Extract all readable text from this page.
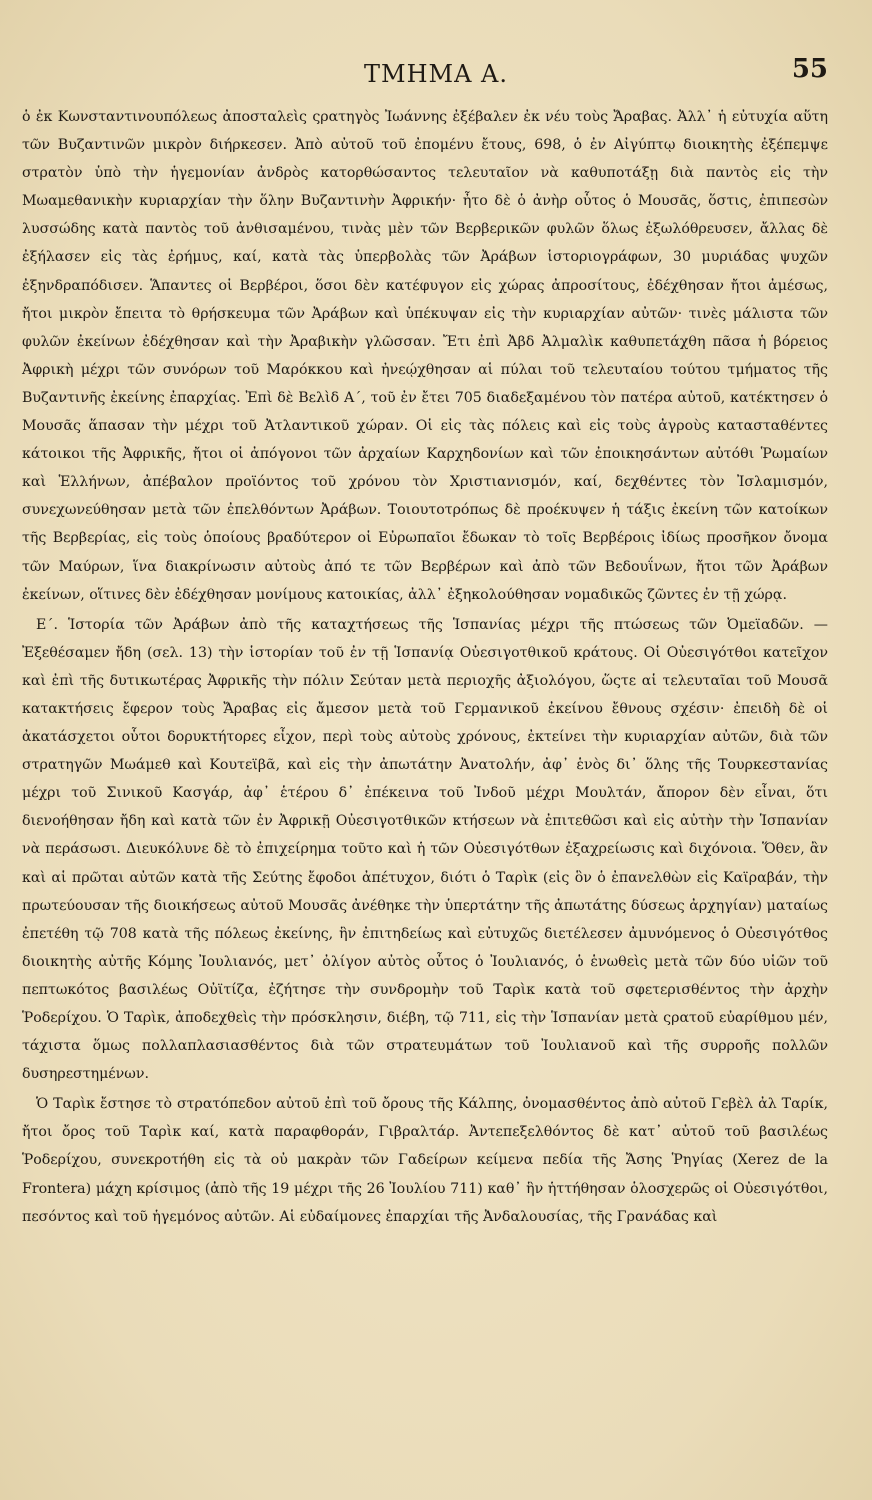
ΤΜΗΜΑ Α.	55

ὁ ἐκ Κωνσταντινουπόλεως ἀποσταλεὶς ςρατηγὸς Ἰωάννης ἐξέβαλεν ἐκ νέυ τοὺς Ἄραβας. Ἀλλ᾽ ἡ εὐτυχία αὕτη τῶν Βυζαντινῶν μικρὸν διήρκεσεν. Ἀπὸ αὐτοῦ τοῦ ἐπομένυ ἔτους, 698, ὁ ἐν Αἰγύπτῳ διοικητὴς ἐξέπεμψε στρατὸν ὑπὸ τὴν ἡγεμονίαν ἀνδρὸς κατορθώσαντος τελευταῖον νὰ καθυποτάξῃ διὰ παντὸς εἰς τὴν Μωαμεθανικὴν κυριαρχίαν τὴν ὅλην Βυζαντινὴν Ἀφρικήν· ἦτο δὲ ὁ ἀνὴρ οὗτος ὁ Μουσᾶς, ὅστις, ἐπιπεσὼν λυσσώδης κατὰ παντὸς τοῦ ἀνθισαμένου, τινὰς μὲν τῶν Βερβερικῶν φυλῶν ὅλως ἐξωλόθρευσεν, ἄλλας δὲ ἐξήλασεν εἰς τὰς ἐρήμυς, καί, κατὰ τὰς ὑπερβολὰς τῶν Ἀράβων ἱστοριογράφων, 30 μυριάδας ψυχῶν ἐξηνδραπόδισεν. Ἅπαντες οἱ Βερβέροι, ὅσοι δὲν κατέφυγον εἰς χώρας ἀπροσίτους, ἐδέχθησαν ἤτοι ἀμέσως, ἤτοι μικρὸν ἔπειτα τὸ θρήσκευμα τῶν Ἀράβων καὶ ὑπέκυψαν εἰς τὴν κυριαρχίαν αὐτῶν· τινὲς μάλιστα τῶν φυλῶν ἐκείνων ἐδέχθησαν καὶ τὴν Ἀραβικὴν γλῶσσαν. Ἔτι ἐπὶ Ἀβδ Ἀλμαλὶκ καθυπετάχθη πᾶσα ἡ βόρειος Ἀφρικὴ μέχρι τῶν συνόρων τοῦ Μαρόκκου καὶ ἠνεῴχθησαν αἱ πύλαι τοῦ τελευταίου τούτου τμήματος τῆς Βυζαντινῆς ἐκείνης ἐπαρχίας. Ἐπὶ δὲ Βελὶδ Α΄, τοῦ ἐν ἔτει 705 διαδεξαμένου τὸν πατέρα αὐτοῦ, κατέκτησεν ὁ Μουσᾶς ἅπασαν τὴν μέχρι τοῦ Ἀτλαντικοῦ χώραν. Οἱ εἰς τὰς πόλεις καὶ εἰς τοὺς ἀγροὺς κατασταθέντες κάτοικοι τῆς Ἀφρικῆς, ἤτοι οἱ ἀπόγονοι τῶν ἀρχαίων Καρχηδονίων καὶ τῶν ἐποικησάντων αὐτόθι Ῥωμαίων καὶ Ἑλλήνων, ἀπέβαλον προϊόντος τοῦ χρόνου τὸν Χριστιανισμόν, καί, δεχθέντες τὸν Ἰσλαμισμόν, συνεχωνεύθησαν μετὰ τῶν ἐπελθόντων Ἀράβων. Τοιουτοτρόπως δὲ προέκυψεν ἡ τάξις ἐκείνη τῶν κατοίκων τῆς Βερβερίας, εἰς τοὺς ὁποίους βραδύτερον οἱ Εὐρωπαῖοι ἔδωκαν τὸ τοῖς Βερβέροις ἰδίως προσῆκον ὄνομα τῶν Μαύρων, ἵνα διακρίνωσιν αὐτοὺς ἀπό τε τῶν Βερβέρων καὶ ἀπὸ τῶν Βεδουΐνων, ἤτοι τῶν Ἀράβων ἐκείνων, οἵτινες δὲν ἐδέχθησαν μονίμους κατοικίας, ἀλλ᾽ ἐξηκολούθησαν νομαδικῶς ζῶντες ἐν τῇ χώρᾳ.

Ε΄. Ἱστορία τῶν Ἀράβων ἀπὸ τῆς καταχτήσεως τῆς Ἱσπανίας μέχρι τῆς πτώσεως τῶν Ὀμεϊαδῶν. — Ἐξεθέσαμεν ἤδη (σελ. 13) τὴν ἱστορίαν τοῦ ἐν τῇ Ἱσπανίᾳ Οὐεσιγοτθικοῦ κράτους. Οἱ Οὐεσιγότθοι κατεῖχον καὶ ἐπὶ τῆς δυτικωτέρας Ἀφρικῆς τὴν πόλιν Σεύταν μετὰ περιοχῆς ἀξιολόγου, ὥςτε αἱ τελευταῖαι τοῦ Μουσᾶ κατακτήσεις ἔφερον τοὺς Ἄραβας εἰς ἄμεσον μετὰ τοῦ Γερμανικοῦ ἐκείνου ἔθνους σχέσιν· ἐπειδὴ δὲ οἱ ἀκατάσχετοι οὗτοι δορυκτήτορες εἶχον, περὶ τοὺς αὐτοὺς χρόνους, ἐκτείνει τὴν κυριαρχίαν αὐτῶν, διὰ τῶν στρατηγῶν Μωάμεθ καὶ Κουτεϊβᾶ, καὶ εἰς τὴν ἀπωτάτην Ἀνατολήν, ἀφ᾽ ἑνὸς δι᾽ ὅλης τῆς Τουρκεστανίας μέχρι τοῦ Σινικοῦ Κασγάρ, ἀφ᾽ ἑτέρου δ᾽ ἐπέκεινα τοῦ Ἰνδοῦ μέχρι Μουλτάν, ἄπορον δὲν εἶναι, ὅτι διενοήθησαν ἤδη καὶ κατὰ τῶν ἐν Ἀφρικῇ Οὐεσιγοτθικῶν κτήσεων νὰ ἐπιτεθῶσι καὶ εἰς αὐτὴν τὴν Ἱσπανίαν νὰ περάσωσι. Διευκόλυνε δὲ τὸ ἐπιχείρημα τοῦτο καὶ ἡ τῶν Οὐεσιγότθων ἐξαχρείωσις καὶ διχόνοια. Ὅθεν, ἂν καὶ αἱ πρῶται αὐτῶν κατὰ τῆς Σεύτης ἔφοδοι ἀπέτυχον, διότι ὁ Ταρὶκ (εἰς ὃν ὁ ἐπανελθὼν εἰς Καϊραβάν, τὴν πρωτεύουσαν τῆς διοικήσεως αὐτοῦ Μουσᾶς ἀνέθηκε τὴν ὑπερτάτην τῆς ἀπωτάτης δύσεως ἀρχηγίαν) ματαίως ἐπετέθη τῷ 708 κατὰ τῆς πόλεως ἐκείνης, ἣν ἐπιτηδείως καὶ εὐτυχῶς διετέλεσεν ἀμυνόμενος ὁ Οὐεσιγότθος διοικητὴς αὐτῆς Κόμης Ἰουλιανός, μετ᾽ ὀλίγον αὐτὸς οὗτος ὁ Ἰουλιανός, ὁ ἑνωθεὶς μετὰ τῶν δύο υἱῶν τοῦ πεπτωκότος βασιλέως Οὐϊτίζα, ἐζήτησε τὴν συνδρομὴν τοῦ Ταρὶκ κατὰ τοῦ σφετερισθέντος τὴν ἀρχὴν Ῥοδερίχου. Ὁ Ταρὶκ, ἀποδεχθεὶς τὴν πρόσκλησιν, διέβη, τῷ 711, εἰς τὴν Ἱσπανίαν μετὰ ςρατοῦ εὐαρίθμου μέν, τάχιστα ὅμως πολλαπλασιασθέντος διὰ τῶν στρατευμάτων τοῦ Ἰουλιανοῦ καὶ τῆς συρροῆς πολλῶν δυσηρεστημένων.

Ὁ Ταρὶκ ἔστησε τὸ στρατόπεδον αὐτοῦ ἐπὶ τοῦ ὄρους τῆς Κάλπης, ὀνομασθέντος ἀπὸ αὐτοῦ Γεβὲλ ἀλ Ταρίκ, ἤτοι ὄρος τοῦ Ταρὶκ καί, κατὰ παραφθοράν, Γιβραλτάρ. Ἀντεπεξελθόντος δὲ κατ᾽ αὐτοῦ τοῦ βασιλέως Ῥοδερίχου, συνεκροτήθη εἰς τὰ οὐ μακρὰν τῶν Γαδείρων κείμενα πεδία τῆς Ἄσης Ῥηγίας (Xerez de la Frontera) μάχη κρίσιμος (ἀπὸ τῆς 19 μέχρι τῆς 26 Ἰουλίου 711) καθ᾽ ἣν ἡττήθησαν ὁλοσχερῶς οἱ Οὐεσιγότθοι, πεσόντος καὶ τοῦ ἡγεμόνος αὐτῶν. Αἱ εὐδαίμονες ἐπαρχίαι τῆς Ἀνδαλουσίας, τῆς Γρανάδας καὶ
